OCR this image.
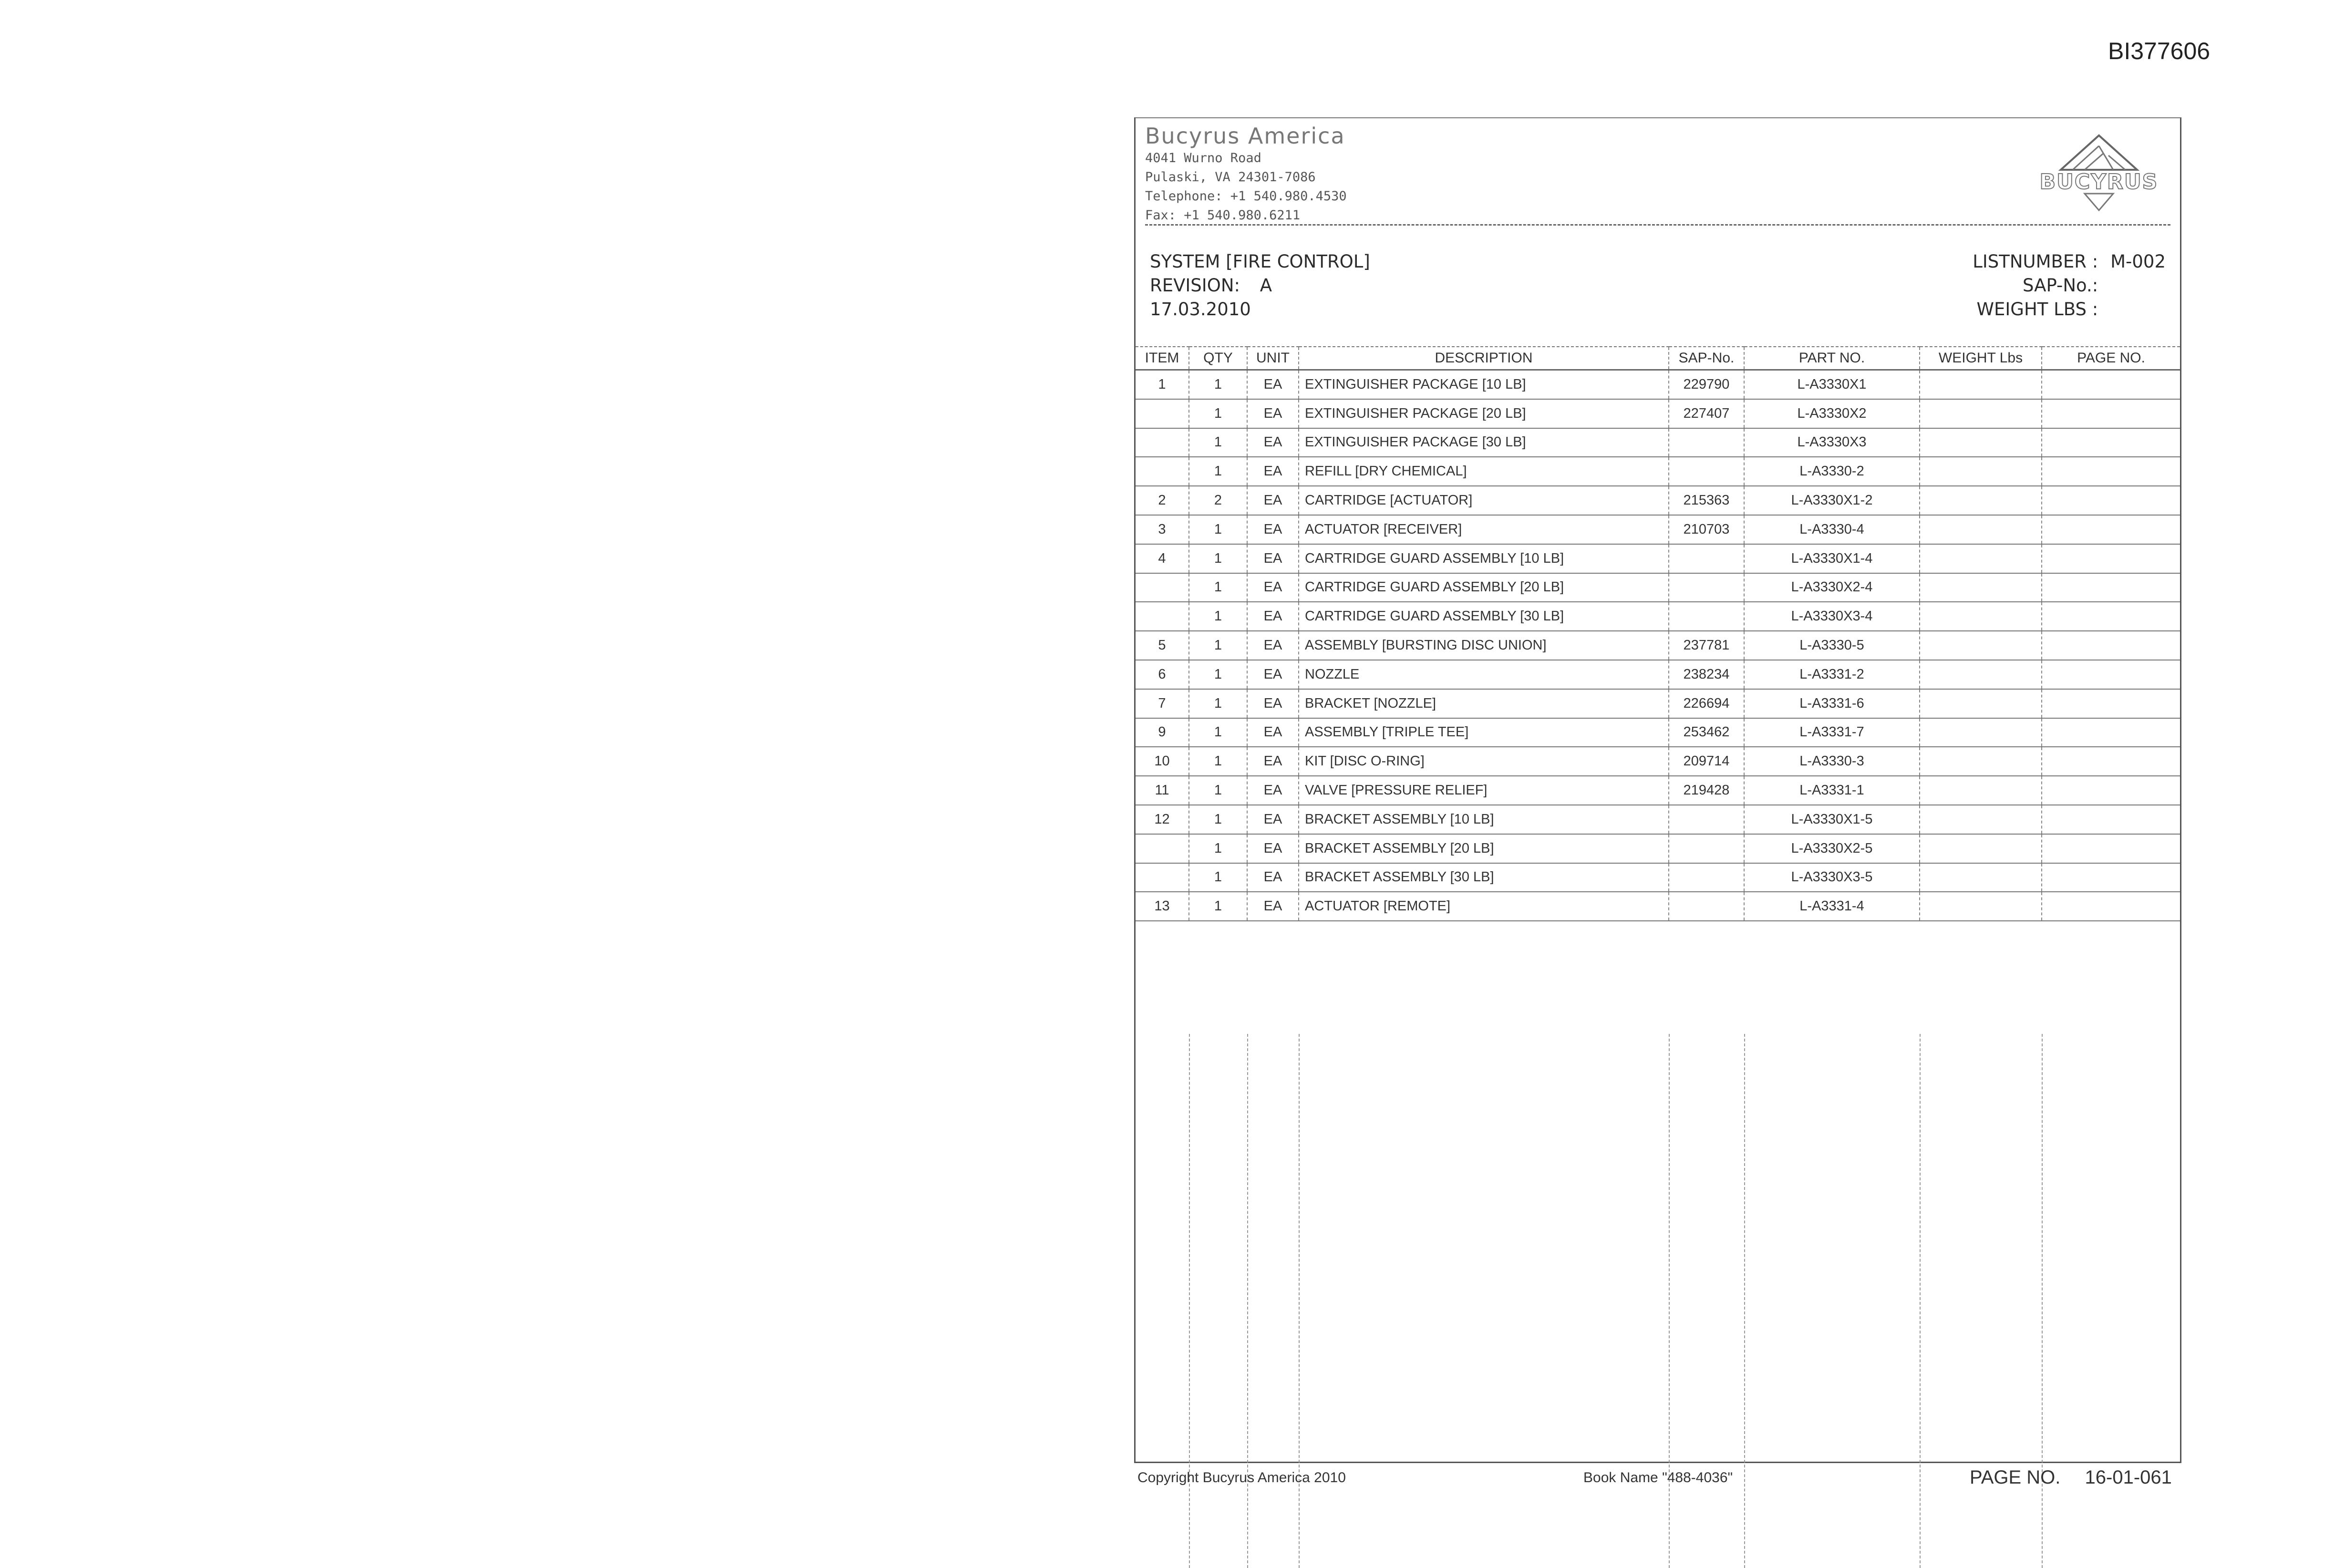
BI377606
Bucyrus America
4041 Wurno Road
Pulaski, VA 24301-7086
Telephone: +1 540.980.4530
Fax: +1 540.980.6211
BUCYRUS
SYSTEM [FIRE CONTROL]
REVISION: A
17.03.2010
LISTNUMBER : M-002
SAP-No.:
WEIGHT LBS :
ITEM	QTY	UNIT	DESCRIPTION	SAP-No.	PART NO.	WEIGHT Lbs	PAGE NO.
1	1	EA	EXTINGUISHER PACKAGE [10 LB]	229790	L-A3330X1		
	1	EA	EXTINGUISHER PACKAGE [20 LB]	227407	L-A3330X2		
	1	EA	EXTINGUISHER PACKAGE [30 LB]		L-A3330X3		
	1	EA	REFILL [DRY CHEMICAL]		L-A3330-2		
2	2	EA	CARTRIDGE [ACTUATOR]	215363	L-A3330X1-2		
3	1	EA	ACTUATOR [RECEIVER]	210703	L-A3330-4		
4	1	EA	CARTRIDGE GUARD ASSEMBLY [10 LB]		L-A3330X1-4		
	1	EA	CARTRIDGE GUARD ASSEMBLY [20 LB]		L-A3330X2-4		
	1	EA	CARTRIDGE GUARD ASSEMBLY [30 LB]		L-A3330X3-4		
5	1	EA	ASSEMBLY [BURSTING DISC UNION]	237781	L-A3330-5		
6	1	EA	NOZZLE	238234	L-A3331-2		
7	1	EA	BRACKET [NOZZLE]	226694	L-A3331-6		
9	1	EA	ASSEMBLY [TRIPLE TEE]	253462	L-A3331-7		
10	1	EA	KIT [DISC O-RING]	209714	L-A3330-3		
11	1	EA	VALVE [PRESSURE RELIEF]	219428	L-A3331-1		
12	1	EA	BRACKET ASSEMBLY [10 LB]		L-A3330X1-5		
	1	EA	BRACKET ASSEMBLY [20 LB]		L-A3330X2-5		
	1	EA	BRACKET ASSEMBLY [30 LB]		L-A3330X3-5		
13	1	EA	ACTUATOR [REMOTE]		L-A3331-4		
Copyright Bucyrus America 2010	Book Name "488-4036"	PAGE NO. 16-01-061
